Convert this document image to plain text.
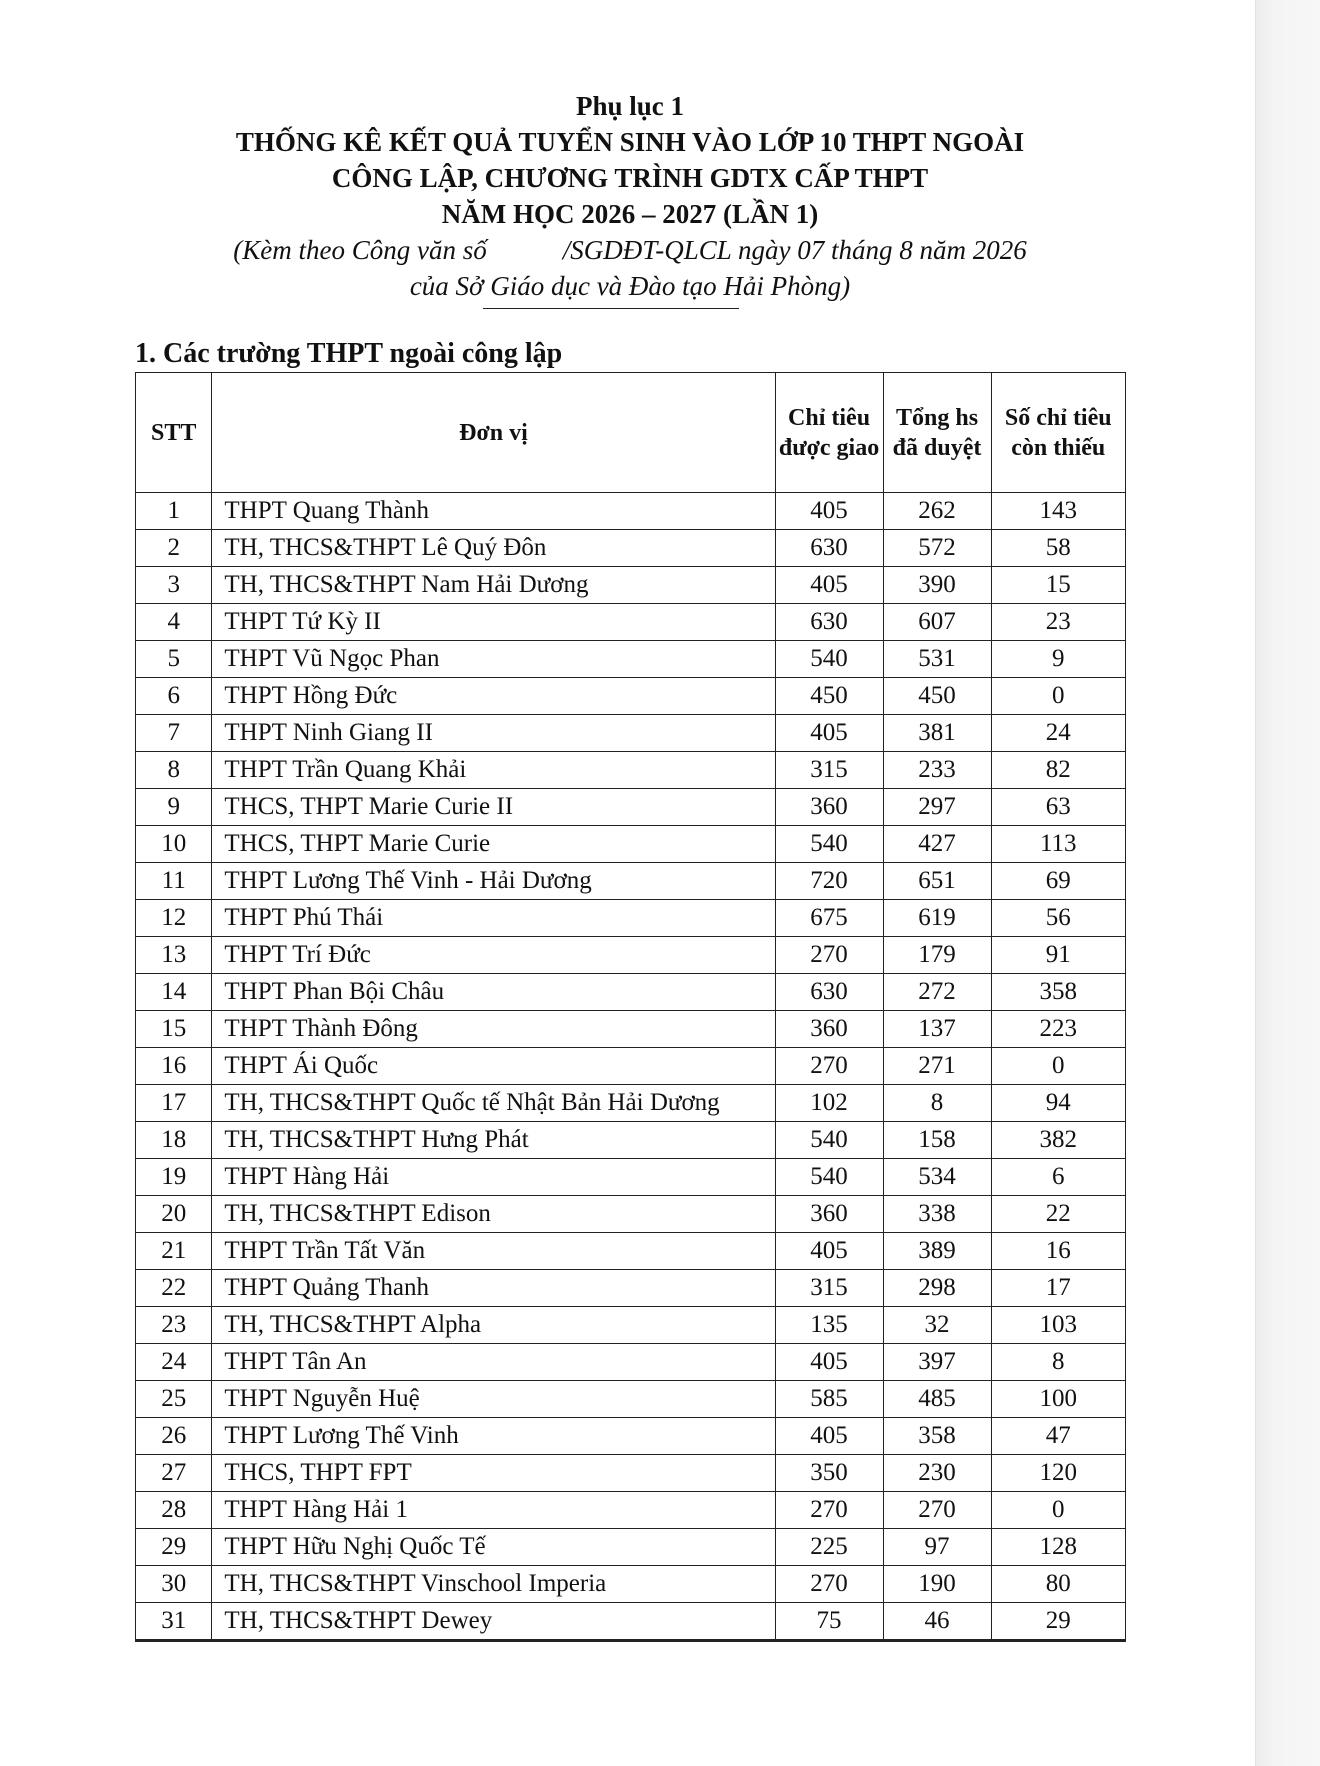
Phụ lục 1
THỐNG KÊ KẾT QUẢ TUYỂN SINH VÀO LỚP 10 THPT NGOÀI
CÔNG LẬP, CHƯƠNG TRÌNH GDTX CẤP THPT
NĂM HỌC 2026 – 2027 (LẦN 1)
(Kèm theo Công văn số	/SGDĐT-QLCL ngày 07 tháng 8 năm 2026
của Sở Giáo dục và Đào tạo Hải Phòng)
1. Các trường THPT ngoài công lập
STT	Đơn vị	Chỉ tiêu được giao	Tổng hs đã duyệt	Số chỉ tiêu còn thiếu
1	THPT Quang Thành	405	262	143
2	TH, THCS&THPT Lê Quý Đôn	630	572	58
3	TH, THCS&THPT Nam Hải Dương	405	390	15
4	THPT Tứ Kỳ II	630	607	23
5	THPT Vũ Ngọc Phan	540	531	9
6	THPT Hồng Đức	450	450	0
7	THPT Ninh Giang II	405	381	24
8	THPT Trần Quang Khải	315	233	82
9	THCS, THPT Marie Curie II	360	297	63
10	THCS, THPT Marie Curie	540	427	113
11	THPT Lương Thế Vinh - Hải Dương	720	651	69
12	THPT Phú Thái	675	619	56
13	THPT Trí Đức	270	179	91
14	THPT Phan Bội Châu	630	272	358
15	THPT Thành Đông	360	137	223
16	THPT Ái Quốc	270	271	0
17	TH, THCS&THPT Quốc tế Nhật Bản Hải Dương	102	8	94
18	TH, THCS&THPT Hưng Phát	540	158	382
19	THPT Hàng Hải	540	534	6
20	TH, THCS&THPT Edison	360	338	22
21	THPT Trần Tất Văn	405	389	16
22	THPT Quảng Thanh	315	298	17
23	TH, THCS&THPT Alpha	135	32	103
24	THPT Tân An	405	397	8
25	THPT Nguyễn Huệ	585	485	100
26	THPT Lương Thế Vinh	405	358	47
27	THCS, THPT FPT	350	230	120
28	THPT Hàng Hải 1	270	270	0
29	THPT Hữu Nghị Quốc Tế	225	97	128
30	TH, THCS&THPT Vinschool Imperia	270	190	80
31	TH, THCS&THPT Dewey	75	46	29
